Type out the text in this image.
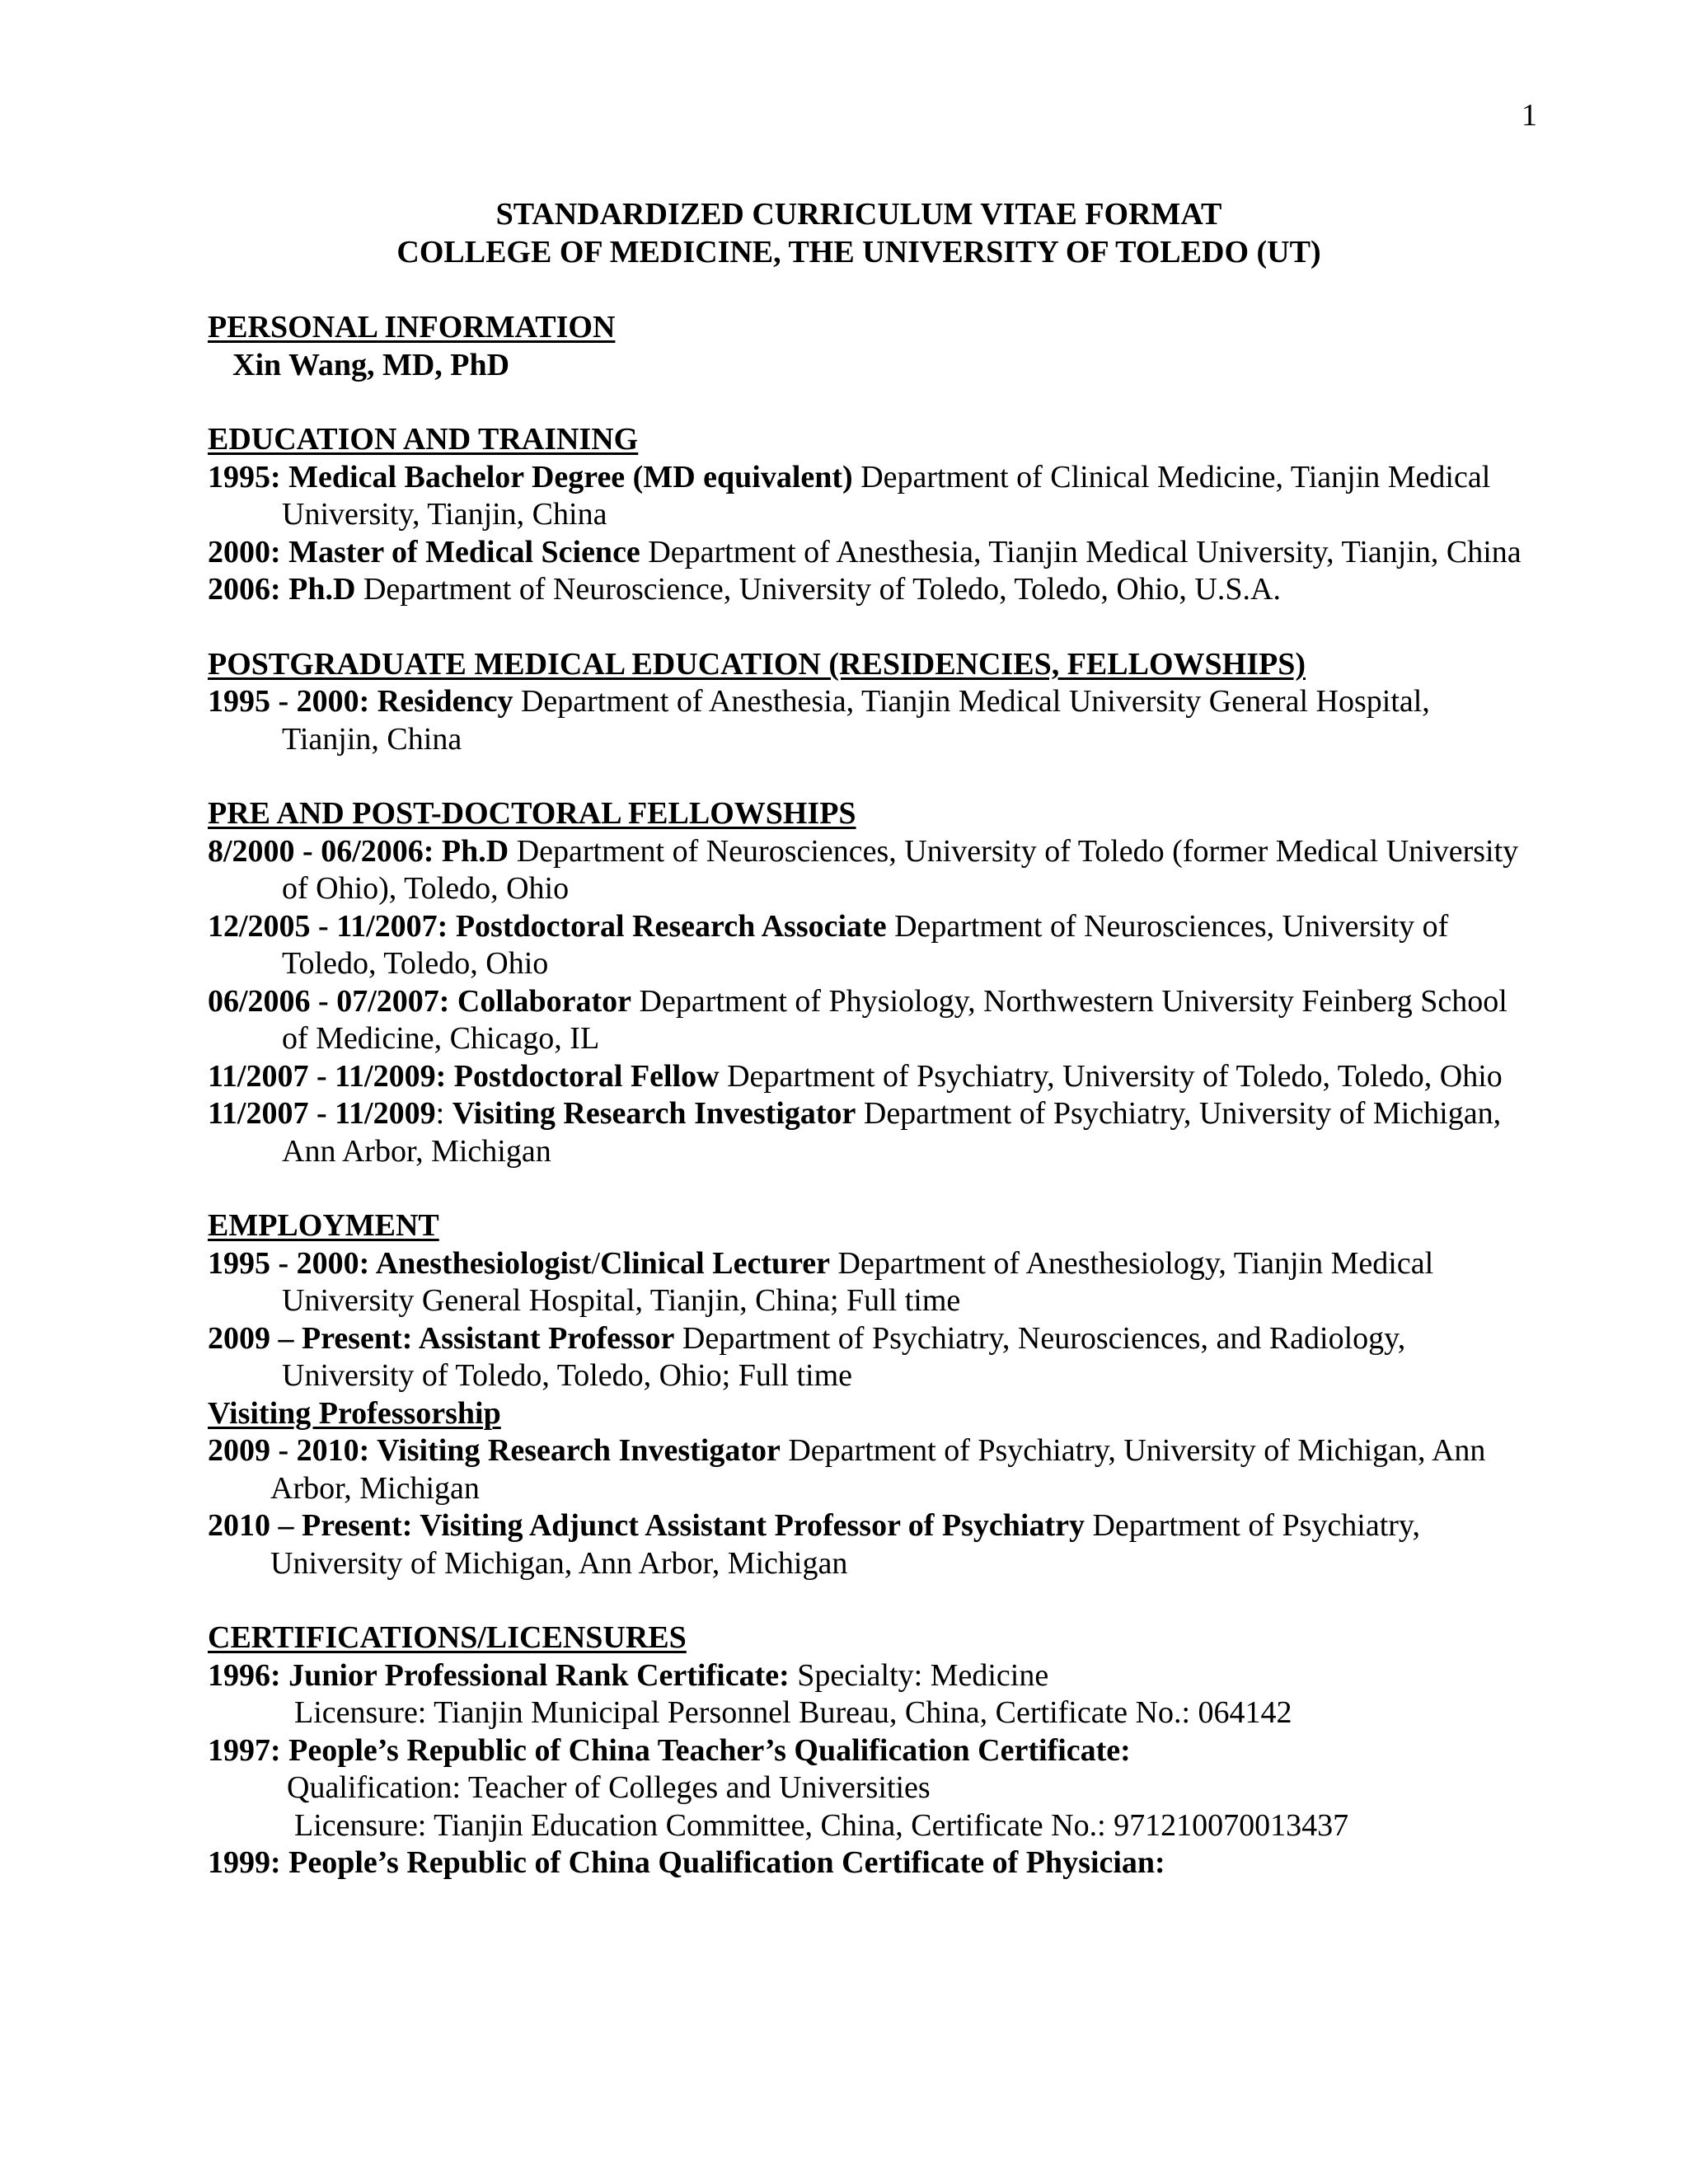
1
STANDARDIZED CURRICULUM VITAE FORMAT
COLLEGE OF MEDICINE, THE UNIVERSITY OF TOLEDO (UT)
PERSONAL INFORMATION
Xin Wang, MD, PhD
EDUCATION AND TRAINING
1995: Medical Bachelor Degree (MD equivalent) Department of Clinical Medicine, Tianjin Medical University, Tianjin, China
2000: Master of Medical Science Department of Anesthesia, Tianjin Medical University, Tianjin, China
2006: Ph.D Department of Neuroscience, University of Toledo, Toledo, Ohio, U.S.A.
POSTGRADUATE MEDICAL EDUCATION (RESIDENCIES, FELLOWSHIPS)
1995 - 2000: Residency Department of Anesthesia, Tianjin Medical University General Hospital, Tianjin, China
PRE AND POST-DOCTORAL FELLOWSHIPS
8/2000 - 06/2006: Ph.D Department of Neurosciences, University of Toledo (former Medical University of Ohio), Toledo, Ohio
12/2005 - 11/2007: Postdoctoral Research Associate Department of Neurosciences, University of Toledo, Toledo, Ohio
06/2006 - 07/2007: Collaborator Department of Physiology, Northwestern University Feinberg School of Medicine, Chicago, IL
11/2007 - 11/2009: Postdoctoral Fellow Department of Psychiatry, University of Toledo, Toledo, Ohio
11/2007 - 11/2009: Visiting Research Investigator Department of Psychiatry, University of Michigan, Ann Arbor, Michigan
EMPLOYMENT
1995 - 2000: Anesthesiologist/Clinical Lecturer Department of Anesthesiology, Tianjin Medical University General Hospital, Tianjin, China; Full time
2009 – Present: Assistant Professor Department of Psychiatry, Neurosciences, and Radiology, University of Toledo, Toledo, Ohio; Full time
Visiting Professorship
2009 - 2010: Visiting Research Investigator Department of Psychiatry, University of Michigan, Ann Arbor, Michigan
2010 – Present: Visiting Adjunct Assistant Professor of Psychiatry Department of Psychiatry, University of Michigan, Ann Arbor, Michigan
CERTIFICATIONS/LICENSURES
1996: Junior Professional Rank Certificate: Specialty: Medicine
Licensure: Tianjin Municipal Personnel Bureau, China, Certificate No.: 064142
1997: People’s Republic of China Teacher’s Qualification Certificate:
Qualification: Teacher of Colleges and Universities
Licensure: Tianjin Education Committee, China, Certificate No.: 971210070013437
1999: People’s Republic of China Qualification Certificate of Physician:
